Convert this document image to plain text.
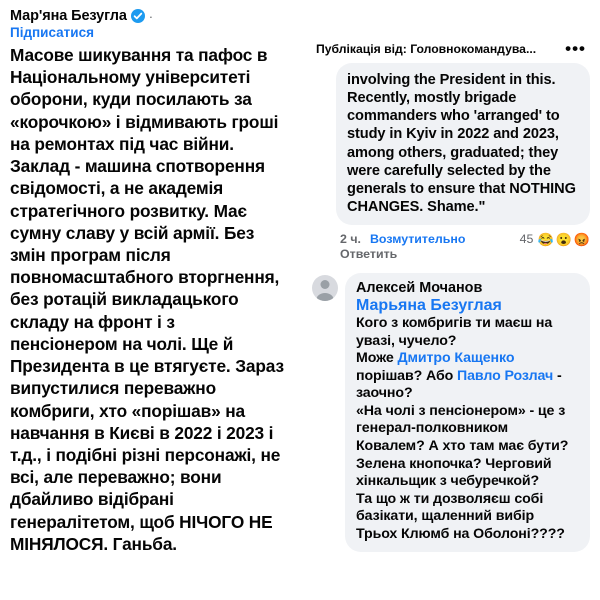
Мар'яна Безугла ·
Підписатися
Масове шикування та пафос в Національному університеті оборони, куди посилають за «корочкою» і відмивають гроші на ремонтах під час війни. Заклад - машина спотворення свідомості, а не академія стратегічного розвитку. Має сумну славу у всій армії. Без змін програм після повномасштабного вторгнення, без ротацій викладацького складу на фронт і з пенсіонером на чолі. Ще й Президента в це втягуєте. Зараз випустилися переважно комбриги, хто «порішав» на навчання в Києві в 2022 і 2023 і т.д., і подібні різні персонажі, не всі, але переважно; вони дбайливо відібрані генералітетом, щоб НІЧОГО НЕ МІНЯЛОСЯ. Ганьба.
Публікація від: Головнокомандува...	•••
involving the President in this. Recently, mostly brigade commanders who 'arranged' to study in Kyiv in 2022 and 2023, among others, graduated; they were carefully selected by the generals to ensure that NOTHING CHANGES. Shame."
2 ч. Возмутительно	45 😂 😮 😡
Ответить
Алексей Мочанов
Марьяна Безуглая
Кого з комбригів ти маєш на увазі, чучело?
Може Дмитро Кащенко порішав? Або Павло Розлач - заочно?
«На чолі з пенсіонером» - це з генерал-полковником Ковалем? А хто там має бути? Зелена кнопочка? Черговий хінкальщик з чебуречкой?
Та що ж ти дозволяєш собі базікати, щаленний вибір Трьох Клюмб на Оболоні????
